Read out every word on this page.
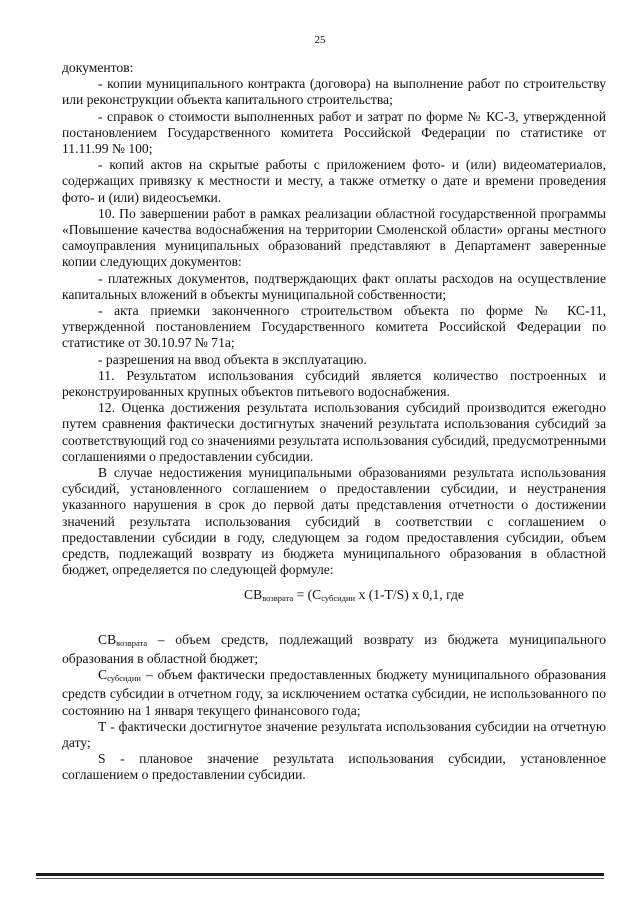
25

документов:

- копии муниципального контракта (договора) на выполнение работ по строительству или реконструкции объекта капитального строительства;

- справок о стоимости выполненных работ и затрат по форме № КС-3, утвержденной постановлением Государственного комитета Российской Федерации по статистике от 11.11.99 № 100;

- копий актов на скрытые работы с приложением фото- и (или) видеоматериалов, содержащих привязку к местности и месту, а также отметку о дате и времени проведения фото- и (или) видеосъемки.

10. По завершении работ в рамках реализации областной государственной программы «Повышение качества водоснабжения на территории Смоленской области» органы местного самоуправления муниципальных образований представляют в Департамент заверенные копии следующих документов:

- платежных документов, подтверждающих факт оплаты расходов на осуществление капитальных вложений в объекты муниципальной собственности;

- акта приемки законченного строительством объекта по форме № КС-11, утвержденной постановлением Государственного комитета Российской Федерации по статистике от 30.10.97 № 71а;

- разрешения на ввод объекта в эксплуатацию.

11. Результатом использования субсидий является количество построенных и реконструированных крупных объектов питьевого водоснабжения.

12. Оценка достижения результата использования субсидий производится ежегодно путем сравнения фактически достигнутых значений результата использования субсидий за соответствующий год со значениями результата использования субсидий, предусмотренными соглашениями о предоставлении субсидии.

В случае недостижения муниципальными образованиями результата использования субсидий, установленного соглашением о предоставлении субсидии, и неустранения указанного нарушения в срок до первой даты представления отчетности о достижении значений результата использования субсидий в соответствии с соглашением о предоставлении субсидии в году, следующем за годом предоставления субсидии, объем средств, подлежащий возврату из бюджета муниципального образования в областной бюджет, определяется по следующей формуле:

$СВ_{возврата} = (С_{субсидии}$ x (1-T/S) x 0,1, где

$СВ_{возврата}$ – объем средств, подлежащий возврату из бюджета муниципального образования в областной бюджет;

$С_{субсидии}$ – объем фактически предоставленных бюджету муниципального образования средств субсидии в отчетном году, за исключением остатка субсидии, не использованного по состоянию на 1 января текущего финансового года;

Т - фактически достигнутое значение результата использования субсидии на отчетную дату;

S - плановое значение результата использования субсидии, установленное соглашением о предоставлении субсидии.
